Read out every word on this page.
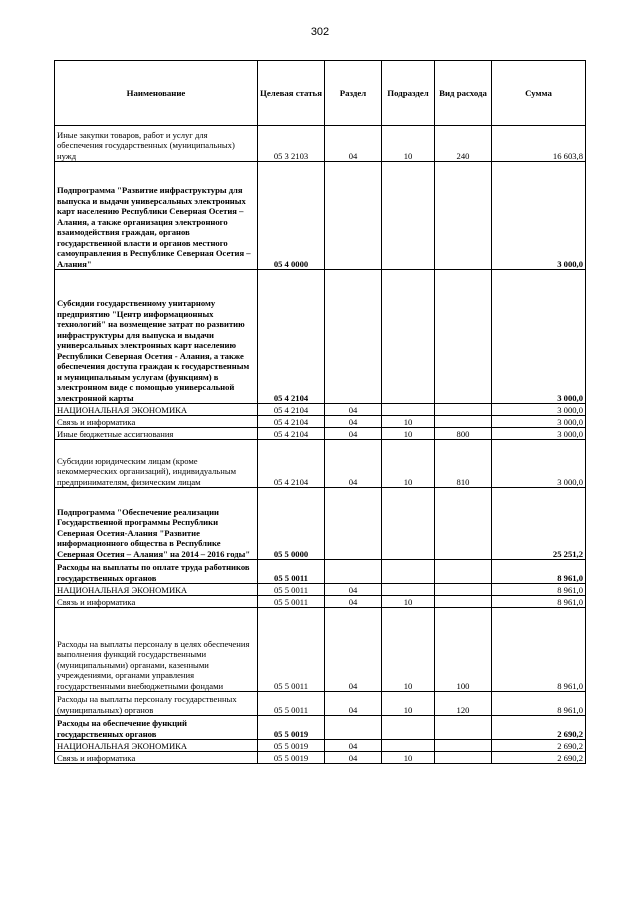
302
Наименование	Целевая статья	Раздел	Подраздел	Вид расхода	Сумма
Иные закупки товаров, работ и услуг для обеспечения государственных (муниципальных) нужд	05 3 2103	04	10	240	16 603,8
Подпрограмма "Развитие инфраструктуры для выпуска и выдачи универсальных электронных карт населению Республики Северная Осетия – Алания, а также организация электронного взаимодействия граждан, органов государственной власти и органов местного самоуправления в Республике Северная Осетия – Алания"	05 4 0000				3 000,0
Субсидии государственному унитарному предприятию "Центр информационных технологий" на возмещение затрат по развитию инфраструктуры для выпуска и выдачи универсальных электронных карт населению Республики Северная Осетия - Алания, а также обеспечения доступа граждан к государственным и муниципальным услугам (функциям) в электронном виде с помощью универсальной электронной карты	05 4 2104				3 000,0
НАЦИОНАЛЬНАЯ ЭКОНОМИКА	05 4 2104	04			3 000,0
Связь и информатика	05 4 2104	04	10		3 000,0
Иные бюджетные ассигнования	05 4 2104	04	10	800	3 000,0
Субсидии юридическим лицам (кроме некоммерческих организаций), индивидуальным предпринимателям, физическим лицам	05 4 2104	04	10	810	3 000,0
Подпрограмма "Обеспечение реализации Государственной программы Республики Северная Осетия-Алания "Развитие информационного общества в Республике Северная Осетия – Алания" на 2014 – 2016 годы"	05 5 0000				25 251,2
Расходы на выплаты по оплате труда работников государственных органов	05 5 0011				8 961,0
НАЦИОНАЛЬНАЯ ЭКОНОМИКА	05 5 0011	04			8 961,0
Связь и информатика	05 5 0011	04	10		8 961,0
Расходы на выплаты персоналу в целях обеспечения выполнения функций государственными (муниципальными) органами, казенными учреждениями, органами управления государственными внебюджетными фондами	05 5 0011	04	10	100	8 961,0
Расходы на выплаты персоналу государственных (муниципальных) органов	05 5 0011	04	10	120	8 961,0
Расходы на обеспечение функций государственных органов	05 5 0019				2 690,2
НАЦИОНАЛЬНАЯ ЭКОНОМИКА	05 5 0019	04			2 690,2
Связь и информатика	05 5 0019	04	10		2 690,2
